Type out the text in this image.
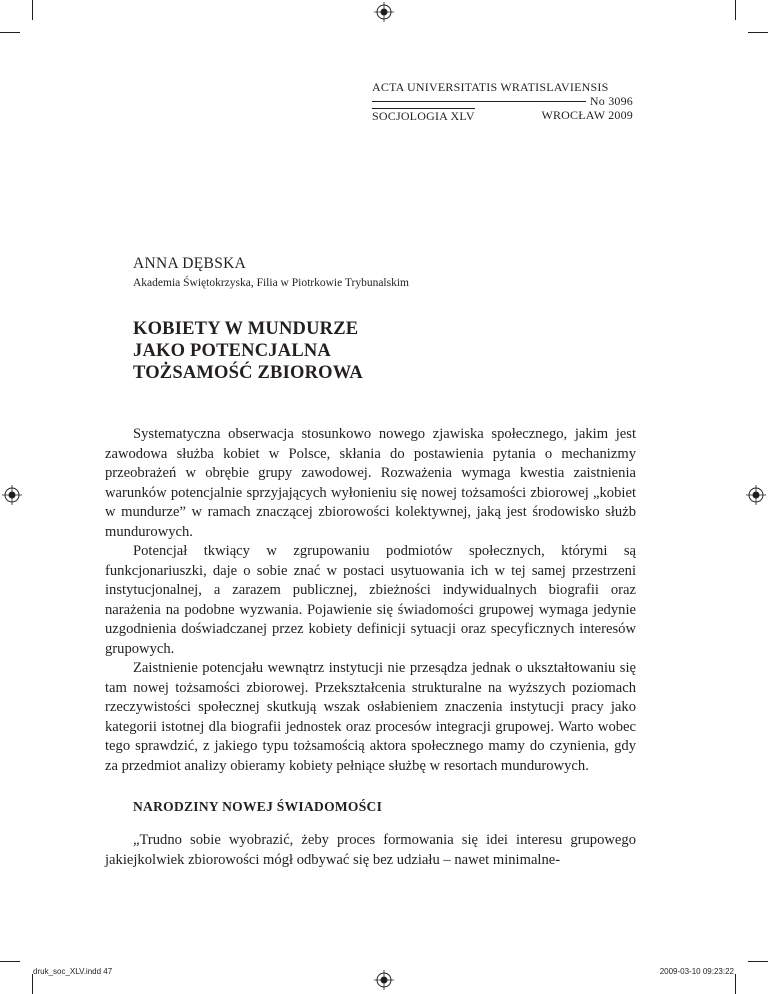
ACTA UNIVERSITATIS WRATISLAVIENSIS
No 3096
SOCJOLOGIA XLV	WROCŁAW 2009
ANNA DĘBSKA
Akademia Świętokrzyska, Filia w Piotrkowie Trybunalskim
KOBIETY W MUNDURZE
JAKO POTENCJALNA
TOŻSAMOŚĆ ZBIOROWA

Systematyczna obserwacja stosunkowo nowego zjawiska społecznego, jakim jest zawodowa służba kobiet w Polsce, skłania do postawienia pytania o mechanizmy przeobrażeń w obrębie grupy zawodowej. Rozważenia wymaga kwestia zaistnienia warunków potencjalnie sprzyjających wyłonieniu się nowej tożsamości zbiorowej „kobiet w mundurze” w ramach znaczącej zbiorowości kolektywnej, jaką jest środowisko służb mundurowych.

Potencjał tkwiący w zgrupowaniu podmiotów społecznych, którymi są funkcjonariuszki, daje o sobie znać w postaci usytuowania ich w tej samej przestrzeni instytucjonalnej, a zarazem publicznej, zbieżności indywidualnych biografii oraz narażenia na podobne wyzwania. Pojawienie się świadomości grupowej wymaga jedynie uzgodnienia doświadczanej przez kobiety definicji sytuacji oraz specyficznych interesów grupowych.

Zaistnienie potencjału wewnątrz instytucji nie przesądza jednak o ukształtowaniu się tam nowej tożsamości zbiorowej. Przekształcenia strukturalne na wyższych poziomach rzeczywistości społecznej skutkują wszak osłabieniem znaczenia instytucji pracy jako kategorii istotnej dla biografii jednostek oraz procesów integracji grupowej. Warto wobec tego sprawdzić, z jakiego typu tożsamością aktora społecznego mamy do czynienia, gdy za przedmiot analizy obieramy kobiety pełniące służbę w resortach mundurowych.

NARODZINY NOWEJ ŚWIADOMOŚCI

„Trudno sobie wyobrazić, żeby proces formowania się idei interesu grupowego jakiejkolwiek zbiorowości mógł odbywać się bez udziału – nawet minimalne-

druk_soc_XLV.indd 47	2009-03-10 09:23:22
